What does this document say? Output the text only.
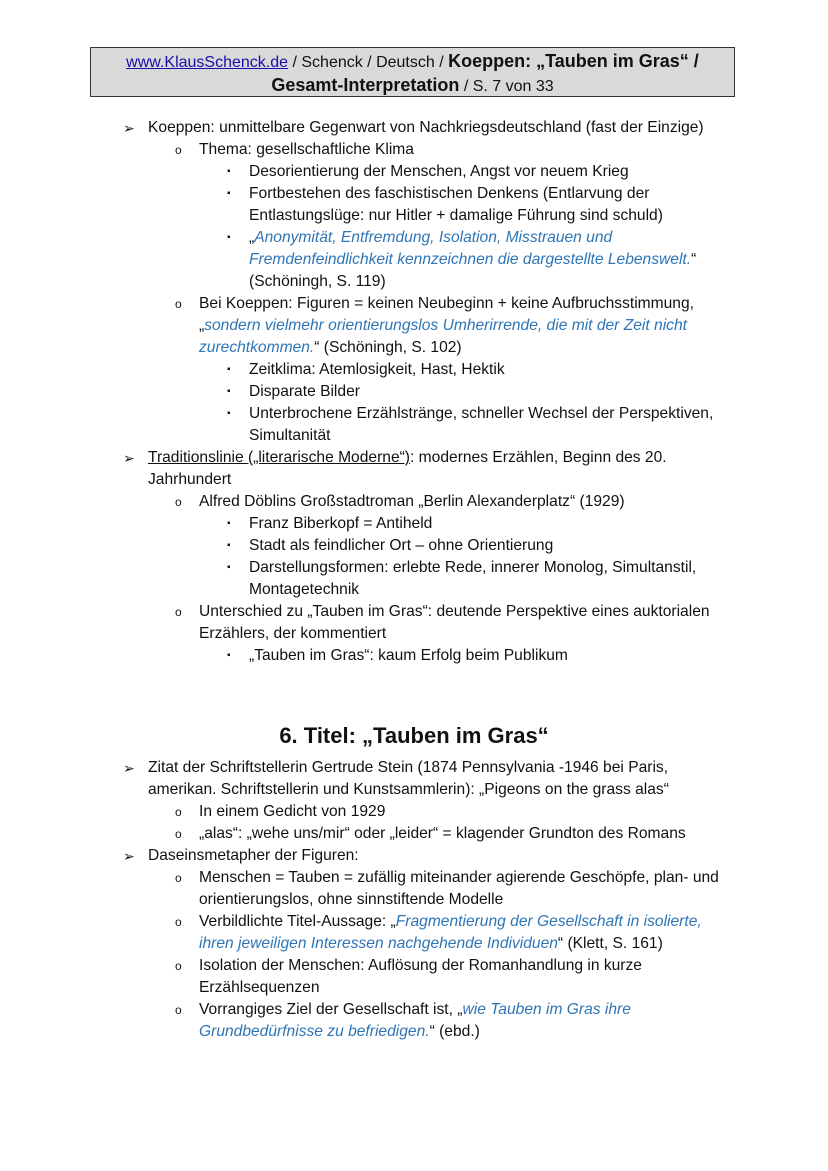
www.KlausSchenck.de / Schenck / Deutsch / Koeppen: „Tauben im Gras“ /
Gesamt-Interpretation / S. 7 von 33
➢ Koeppen: unmittelbare Gegenwart von Nachkriegsdeutschland (fast der Einzige)
o Thema: gesellschaftliche Klima
▪ Desorientierung der Menschen, Angst vor neuem Krieg
▪ Fortbestehen des faschistischen Denkens (Entlarvung der Entlastungslüge: nur Hitler + damalige Führung sind schuld)
▪ „Anonymität, Entfremdung, Isolation, Misstrauen und Fremdenfeindlichkeit kennzeichnen die dargestellte Lebenswelt.“ (Schöningh, S. 119)
o Bei Koeppen: Figuren = keinen Neubeginn + keine Aufbruchsstimmung, „sondern vielmehr orientierungslos Umherirrende, die mit der Zeit nicht zurechtkommen.“ (Schöningh, S. 102)
▪ Zeitklima: Atemlosigkeit, Hast, Hektik
▪ Disparate Bilder
▪ Unterbrochene Erzählstränge, schneller Wechsel der Perspektiven, Simultanität
➢ Traditionslinie („literarische Moderne“): modernes Erzählen, Beginn des 20. Jahrhundert
o Alfred Döblins Großstadtroman „Berlin Alexanderplatz“ (1929)
▪ Franz Biberkopf = Antiheld
▪ Stadt als feindlicher Ort – ohne Orientierung
▪ Darstellungsformen: erlebte Rede, innerer Monolog, Simultanstil, Montagetechnik
o Unterschied zu „Tauben im Gras“: deutende Perspektive eines auktorialen Erzählers, der kommentiert
▪ „Tauben im Gras“: kaum Erfolg beim Publikum
6. Titel: „Tauben im Gras“
➢ Zitat der Schriftstellerin Gertrude Stein (1874 Pennsylvania -1946 bei Paris, amerikan. Schriftstellerin und Kunstsammlerin): „Pigeons on the grass alas“
o In einem Gedicht von 1929
o „alas“: „wehe uns/mir“ oder „leider“ = klagender Grundton des Romans
➢ Daseinsmetapher der Figuren:
o Menschen = Tauben = zufällig miteinander agierende Geschöpfe, plan- und orientierungslos, ohne sinnstiftende Modelle
o Verbildlichte Titel-Aussage: „Fragmentierung der Gesellschaft in isolierte, ihren jeweiligen Interessen nachgehende Individuen“ (Klett, S. 161)
o Isolation der Menschen: Auflösung der Romanhandlung in kurze Erzählsequenzen
o Vorrangiges Ziel der Gesellschaft ist, „wie Tauben im Gras ihre Grundbedürfnisse zu befriedigen.“ (ebd.)
